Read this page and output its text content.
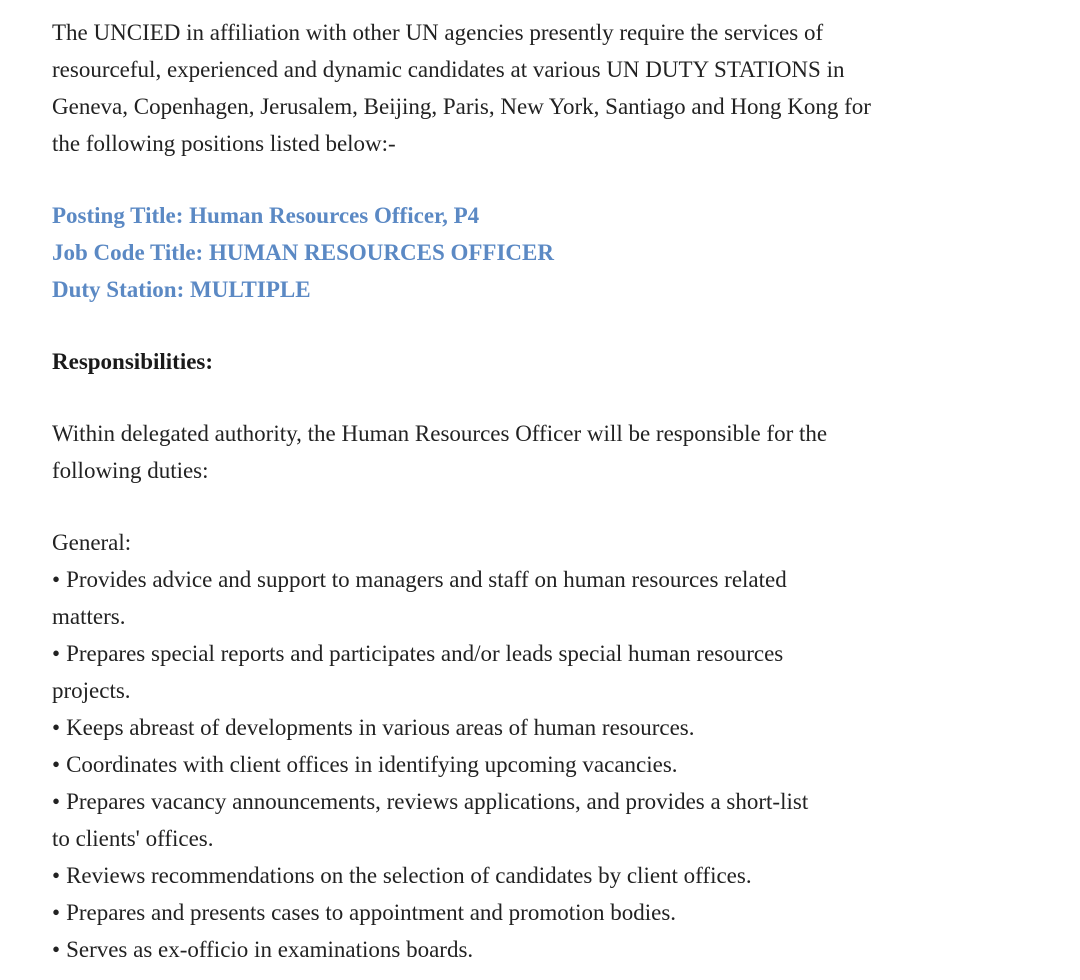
The UNCIED in affiliation with other UN agencies presently require the services of
resourceful, experienced and dynamic candidates at various UN DUTY STATIONS in
Geneva, Copenhagen, Jerusalem, Beijing, Paris, New York, Santiago and Hong Kong for
the following positions listed below:-
Posting Title: Human Resources Officer, P4
Job Code Title: HUMAN RESOURCES OFFICER
Duty Station: MULTIPLE
Responsibilities:
Within delegated authority, the Human Resources Officer will be responsible for the
following duties:
General:
• Provides advice and support to managers and staff on human resources related
matters.
• Prepares special reports and participates and/or leads special human resources
projects.
• Keeps abreast of developments in various areas of human resources.
• Coordinates with client offices in identifying upcoming vacancies.
• Prepares vacancy announcements, reviews applications, and provides a short-list
to clients' offices.
• Reviews recommendations on the selection of candidates by client offices.
• Prepares and presents cases to appointment and promotion bodies.
• Serves as ex-officio in examinations boards.
